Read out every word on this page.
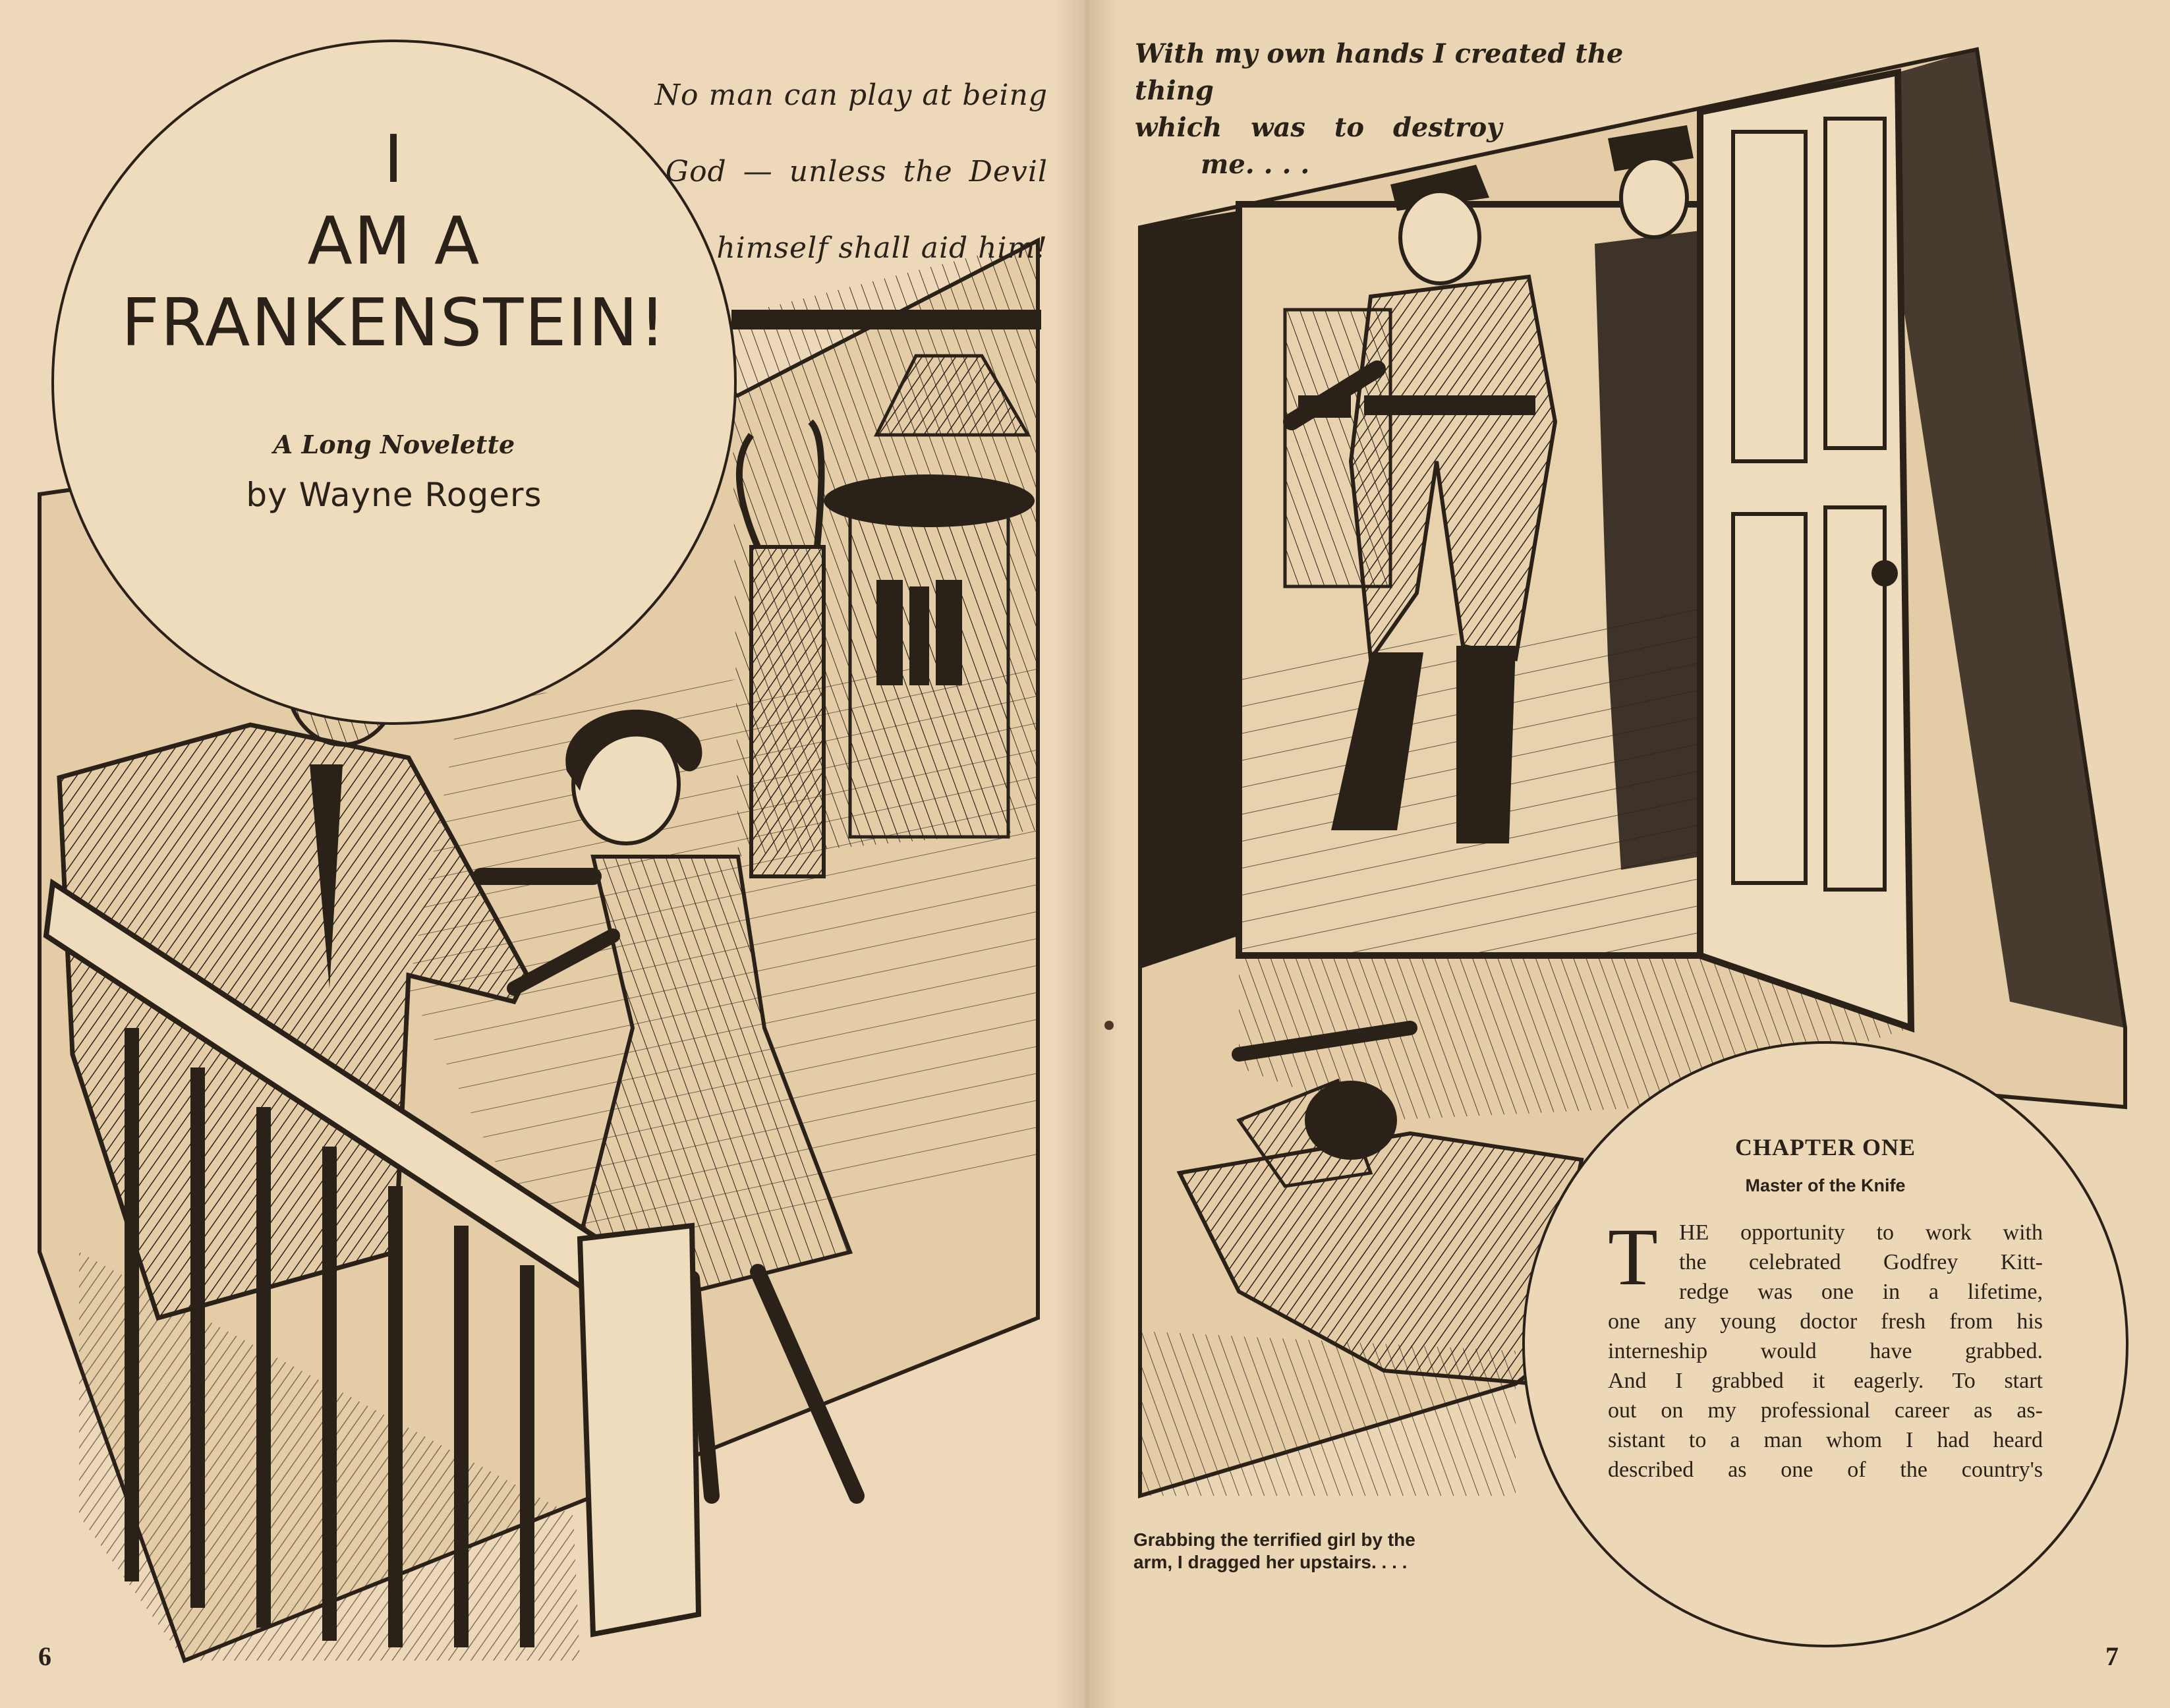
No man can play at being

God — unless the Devil

himself shall aid him!

I
AM A
FRANKENSTEIN!
A Long Novelette
by Wayne Rogers
6
With my own hands I created the thing
which was to destroy
me. . . .
Grabbing the terrified girl by the
arm, I dragged her upstairs. . . .
CHAPTER ONE
Master of the Knife
T HE opportunity to work with
the celebrated Godfrey Kitt-
redge was one in a lifetime,
one any young doctor fresh from his
interneship would have grabbed.
And I grabbed it eagerly. To start
out on my professional career as as-
sistant to a man whom I had heard
described as one of the country's
7
